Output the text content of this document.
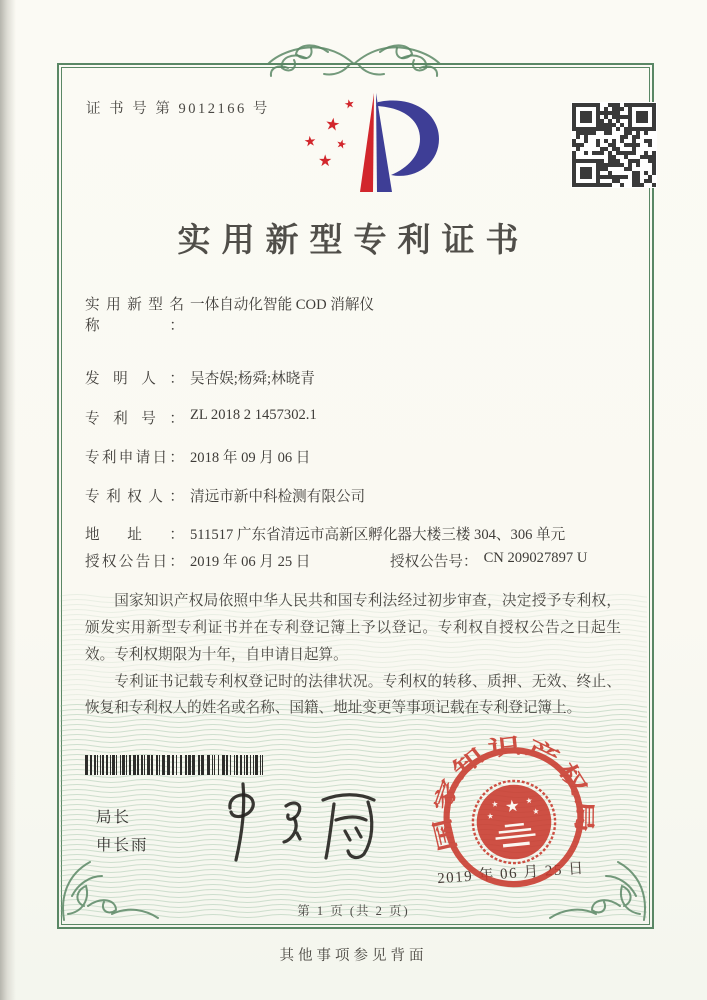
证 书 号 第 9012166 号	★
★
★ ★
★
实用新型专利证书
实用新型名称：
一体自动化智能 COD 消解仪
发明人： 吴杏娱;杨舜;林晓青
专利号： ZL 2018 2 1457302.1
专利申请日： 2018 年 09 月 06 日
专利权人： 清远市新中科检测有限公司
地址： 511517 广东省清远市高新区孵化器大楼三楼 304、306 单元
授权公告日： 2019 年 06 月 25 日	授权公告号： CN 209027897 U

国家知识产权局依照中华人民共和国专利法经过初步审查，决定授予专利权，颁发实用新型专利证书并在专利登记簿上予以登记。专利权自授权公告之日起生效。专利权期限为十年，自申请日起算。

专利证书记载专利权登记时的法律状况。专利权的转移、质押、无效、终止、恢复和专利权人的姓名或名称、国籍、地址变更等事项记载在专利登记簿上。

局长
申长雨
2019 年 06 月 25 日
国家知识产权局
★
★	★
★	★
第 1 页 (共 2 页)
其他事项参见背面
